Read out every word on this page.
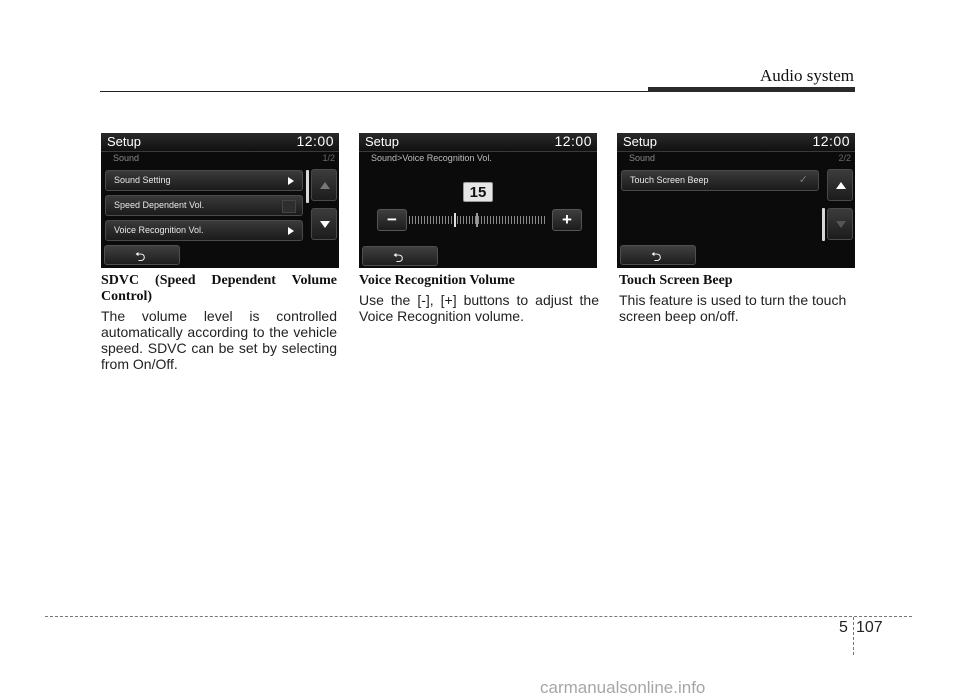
Audio system
Setup	12:00
Sound	1/2
Sound Setting
Speed Dependent Vol.
Voice Recognition Vol.
⮌
Setup	12:00
Sound>Voice Recognition Vol.
15
−	+
⮌
Setup	12:00
Sound	2/2
Touch Screen Beep	✓
⮌
SDVC (Speed Dependent Volume Control)
The volume level is controlled automatically according to the vehicle speed. SDVC can be set by selecting from On/Off.
Voice Recognition Volume
Use the [-], [+] buttons to adjust the Voice Recognition volume.
Touch Screen Beep
This feature is used to turn the touch screen beep on/off.
5 107
carmanualsonline.info
